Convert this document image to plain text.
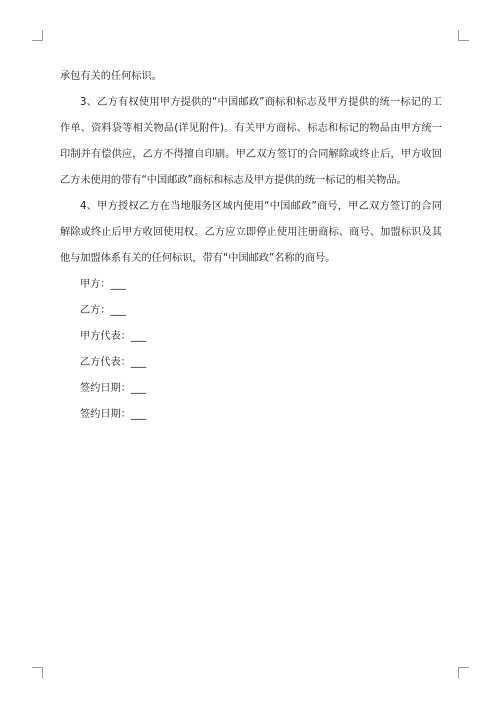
承包有关的任何标识。

3、乙方有权使用甲方提供的“中国邮政”商标和标志及甲方提供的统一标记的工作单、资料袋等相关物品(详见附件)。有关甲方商标、标志和标记的物品由甲方统一印制并有偿供应，乙方不得擅自印刷。甲乙双方签订的合同解除或终止后，甲方收回乙方未使用的带有“中国邮政”商标和标志及甲方提供的统一标记的相关物品。

4、甲方授权乙方在当地服务区域内使用“中国邮政”商号，甲乙双方签订的合同解除或终止后甲方收回使用权。乙方应立即停止使用注册商标、商号、加盟标识及其他与加盟体系有关的任何标识，带有“中国邮政”名称的商号。

甲方：___

乙方：___

甲方代表：___

乙方代表：___

签约日期：___

签约日期：___
